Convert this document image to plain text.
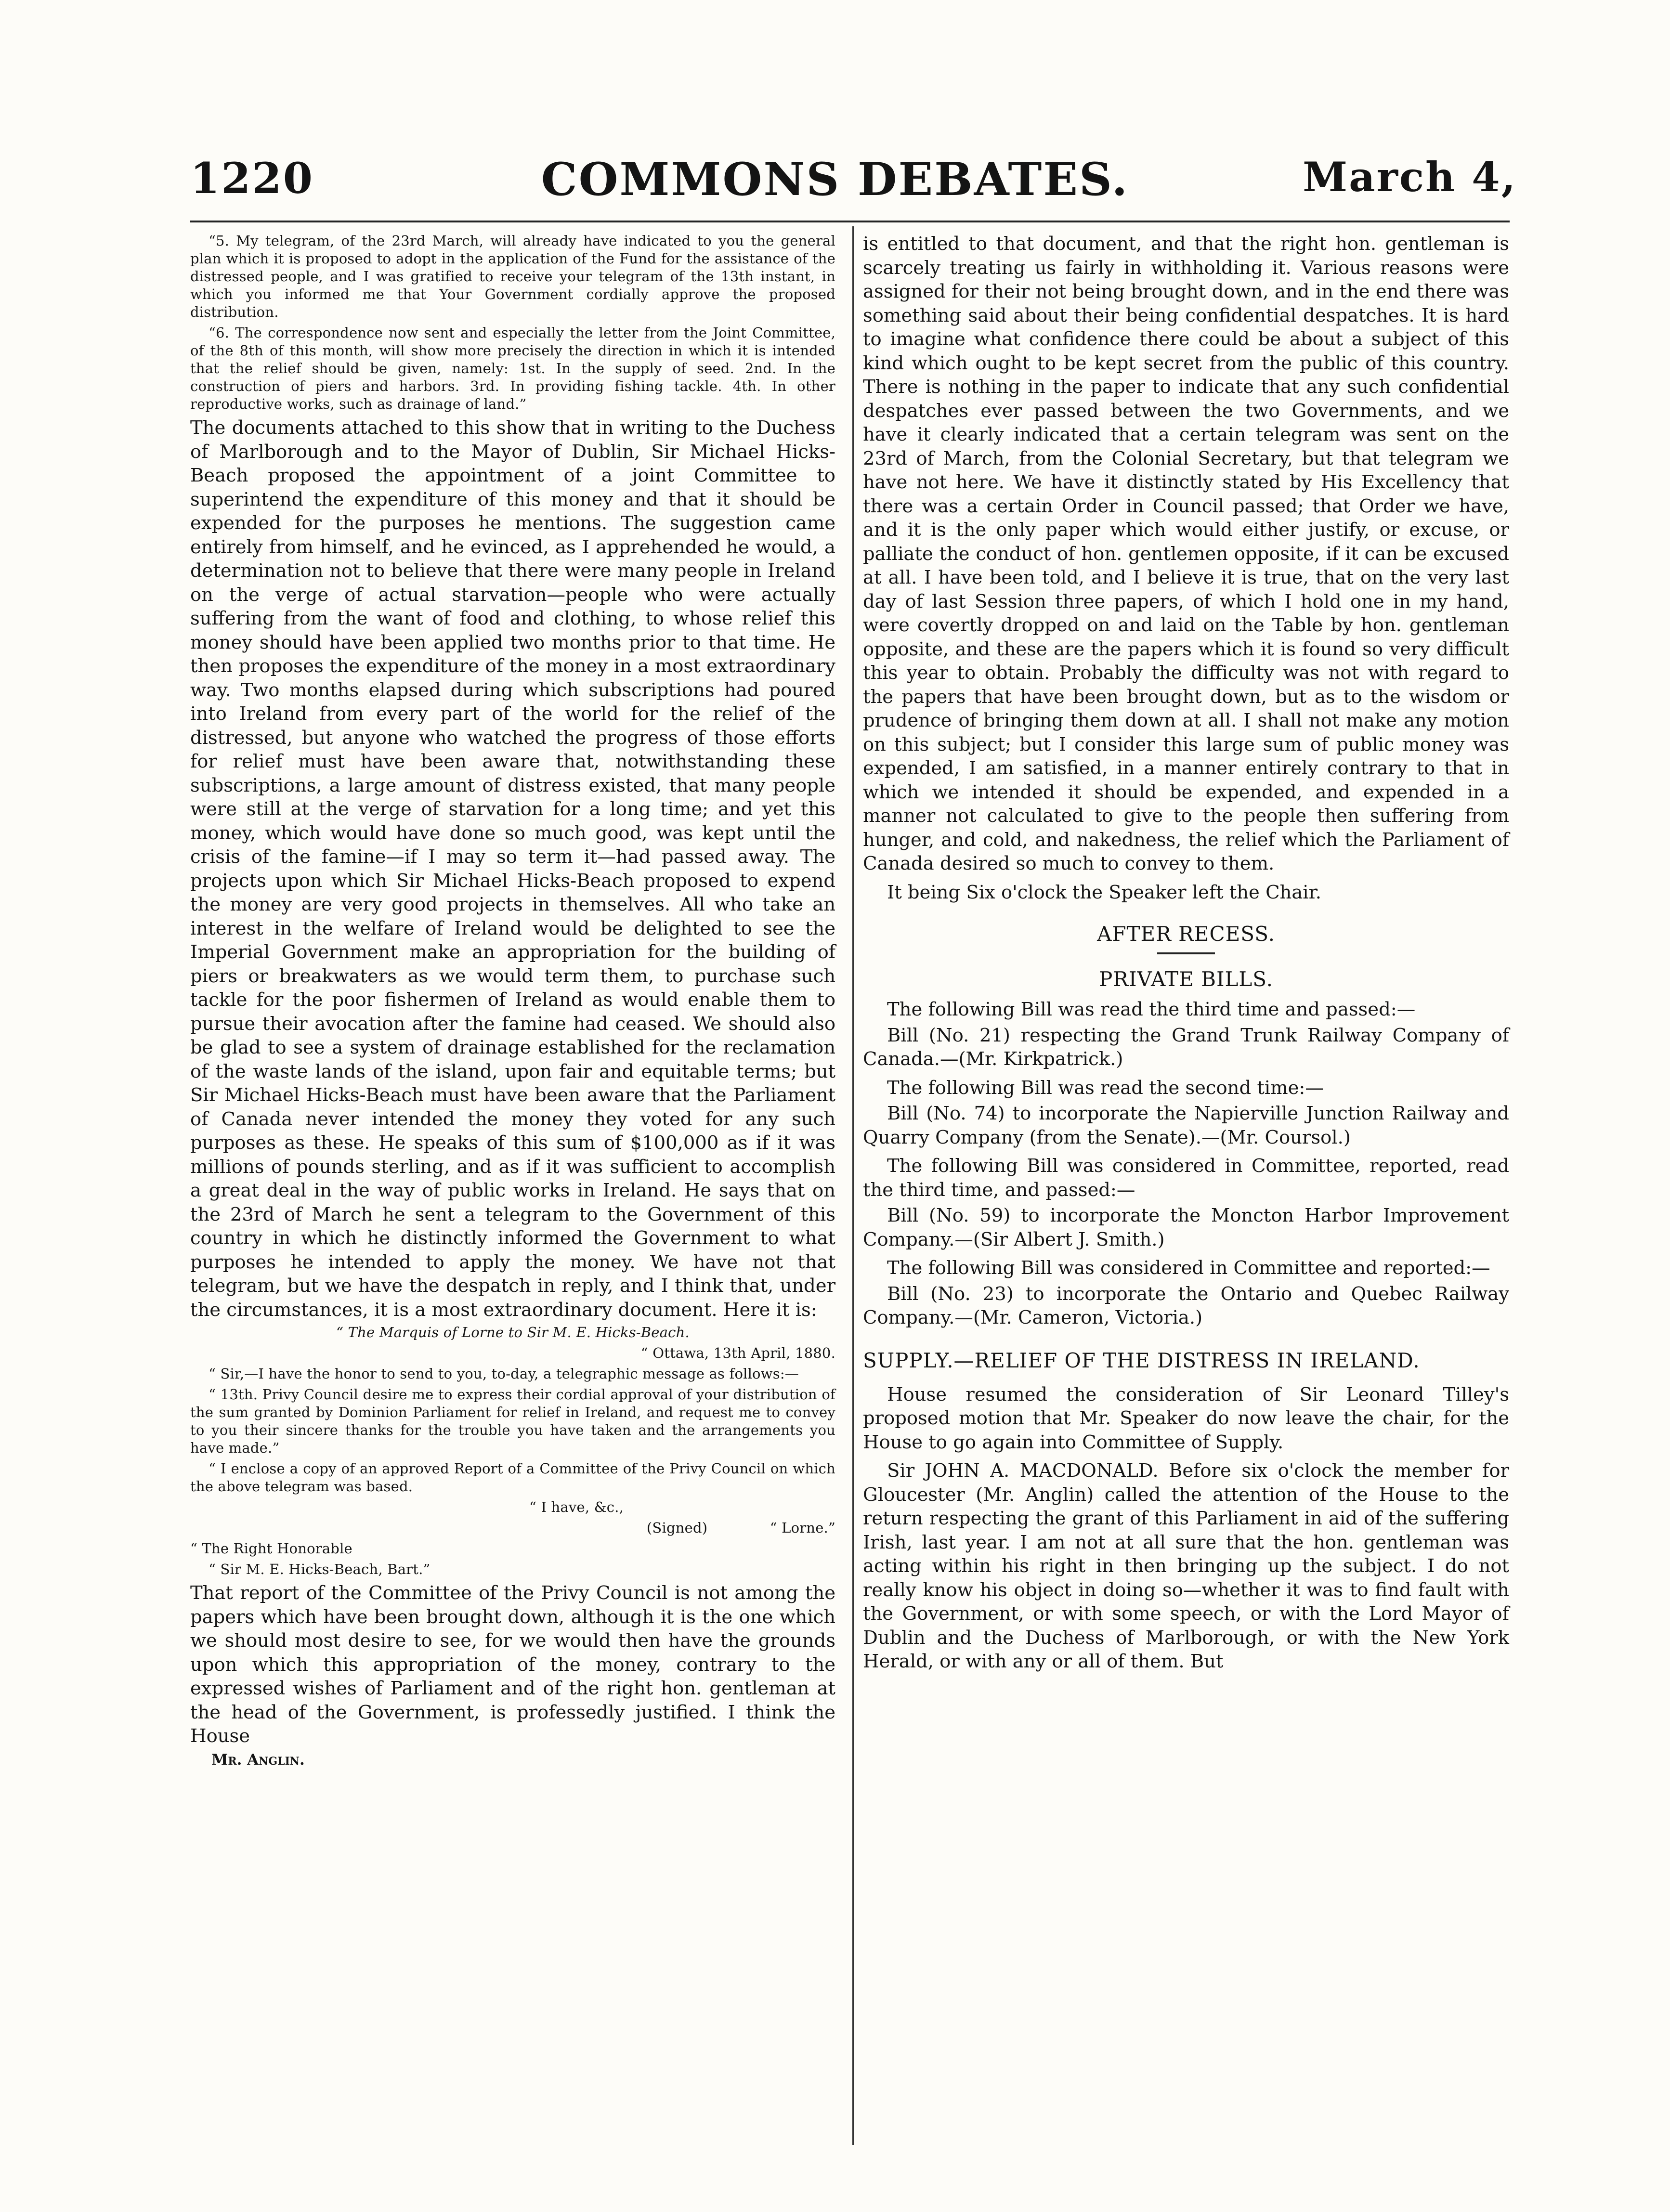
1220	COMMONS DEBATES.	March 4,

“5. My telegram, of the 23rd March, will already have indicated to you the general plan which it is proposed to adopt in the application of the Fund for the assistance of the distressed people, and I was gratified to receive your telegram of the 13th instant, in which you informed me that Your Government cordially approve the proposed distribution.

“6. The correspondence now sent and especially the letter from the Joint Committee, of the 8th of this month, will show more precisely the direction in which it is intended that the relief should be given, namely: 1st. In the supply of seed. 2nd. In the construction of piers and harbors. 3rd. In providing fishing tackle. 4th. In other reproductive works, such as drainage of land.”

The documents attached to this show that in writing to the Duchess of Marlborough and to the Mayor of Dublin, Sir Michael Hicks-Beach proposed the appointment of a joint Committee to superintend the expenditure of this money and that it should be expended for the purposes he mentions. The suggestion came entirely from himself, and he evinced, as I apprehended he would, a determination not to believe that there were many people in Ireland on the verge of actual starvation—people who were actually suffering from the want of food and clothing, to whose relief this money should have been applied two months prior to that time. He then proposes the expenditure of the money in a most extraordinary way. Two months elapsed during which subscriptions had poured into Ireland from every part of the world for the relief of the distressed, but anyone who watched the progress of those efforts for relief must have been aware that, notwithstanding these subscriptions, a large amount of distress existed, that many people were still at the verge of starvation for a long time; and yet this money, which would have done so much good, was kept until the crisis of the famine—if I may so term it—had passed away. The projects upon which Sir Michael Hicks-Beach proposed to expend the money are very good projects in themselves. All who take an interest in the welfare of Ireland would be delighted to see the Imperial Government make an appropriation for the building of piers or breakwaters as we would term them, to purchase such tackle for the poor fishermen of Ireland as would enable them to pursue their avocation after the famine had ceased. We should also be glad to see a system of drainage established for the reclamation of the waste lands of the island, upon fair and equitable terms; but Sir Michael Hicks-Beach must have been aware that the Parliament of Canada never intended the money they voted for any such purposes as these. He speaks of this sum of $100,000 as if it was millions of pounds sterling, and as if it was sufficient to accomplish a great deal in the way of public works in Ireland. He says that on the 23rd of March he sent a telegram to the Government of this country in which he distinctly informed the Government to what purposes he intended to apply the money. We have not that telegram, but we have the despatch in reply, and I think that, under the circumstances, it is a most extraordinary document. Here it is:

“ The Marquis of Lorne to Sir M. E. Hicks-Beach.

“ Ottawa, 13th April, 1880.

“ Sir,—I have the honor to send to you, to-day, a telegraphic message as follows:—

“ 13th. Privy Council desire me to express their cordial approval of your distribution of the sum granted by Dominion Parliament for relief in Ireland, and request me to convey to you their sincere thanks for the trouble you have taken and the arrangements you have made.”

“ I enclose a copy of an approved Report of a Committee of the Privy Council on which the above telegram was based.

“ I have, &c.,

(Signed)	“ Lorne.”

“ The Right Honorable

“ Sir M. E. Hicks-Beach, Bart.”

That report of the Committee of the Privy Council is not among the papers which have been brought down, although it is the one which we should most desire to see, for we would then have the grounds upon which this appropriation of the money, contrary to the expressed wishes of Parliament and of the right hon. gentleman at the head of the Government, is professedly justified. I think the House

Mr. Anglin.

is entitled to that document, and that the right hon. gentleman is scarcely treating us fairly in withholding it. Various reasons were assigned for their not being brought down, and in the end there was something said about their being confidential despatches. It is hard to imagine what confidence there could be about a subject of this kind which ought to be kept secret from the public of this country. There is nothing in the paper to indicate that any such confidential despatches ever passed between the two Governments, and we have it clearly indicated that a certain telegram was sent on the 23rd of March, from the Colonial Secretary, but that telegram we have not here. We have it distinctly stated by His Excellency that there was a certain Order in Council passed; that Order we have, and it is the only paper which would either justify, or excuse, or palliate the conduct of hon. gentlemen opposite, if it can be excused at all. I have been told, and I believe it is true, that on the very last day of last Session three papers, of which I hold one in my hand, were covertly dropped on and laid on the Table by hon. gentleman opposite, and these are the papers which it is found so very difficult this year to obtain. Probably the difficulty was not with regard to the papers that have been brought down, but as to the wisdom or prudence of bringing them down at all. I shall not make any motion on this subject; but I consider this large sum of public money was expended, I am satisfied, in a manner entirely contrary to that in which we intended it should be expended, and expended in a manner not calculated to give to the people then suffering from hunger, and cold, and nakedness, the relief which the Parliament of Canada desired so much to convey to them.

It being Six o'clock the Speaker left the Chair.

AFTER RECESS.
PRIVATE BILLS.

The following Bill was read the third time and passed:—

Bill (No. 21) respecting the Grand Trunk Railway Company of Canada.—(Mr. Kirkpatrick.)

The following Bill was read the second time:—

Bill (No. 74) to incorporate the Napierville Junction Railway and Quarry Company (from the Senate).—(Mr. Coursol.)

The following Bill was considered in Committee, reported, read the third time, and passed:—

Bill (No. 59) to incorporate the Moncton Harbor Improvement Company.—(Sir Albert J. Smith.)

The following Bill was considered in Committee and reported:—

Bill (No. 23) to incorporate the Ontario and Quebec Railway Company.—(Mr. Cameron, Victoria.)

SUPPLY.—RELIEF OF THE DISTRESS IN IRELAND.

House resumed the consideration of Sir Leonard Tilley's proposed motion that Mr. Speaker do now leave the chair, for the House to go again into Committee of Supply.

Sir JOHN A. MACDONALD. Before six o'clock the member for Gloucester (Mr. Anglin) called the attention of the House to the return respecting the grant of this Parliament in aid of the suffering Irish, last year. I am not at all sure that the hon. gentleman was acting within his right in then bringing up the subject. I do not really know his object in doing so—whether it was to find fault with the Government, or with some speech, or with the Lord Mayor of Dublin and the Duchess of Marlborough, or with the New York Herald, or with any or all of them. But
